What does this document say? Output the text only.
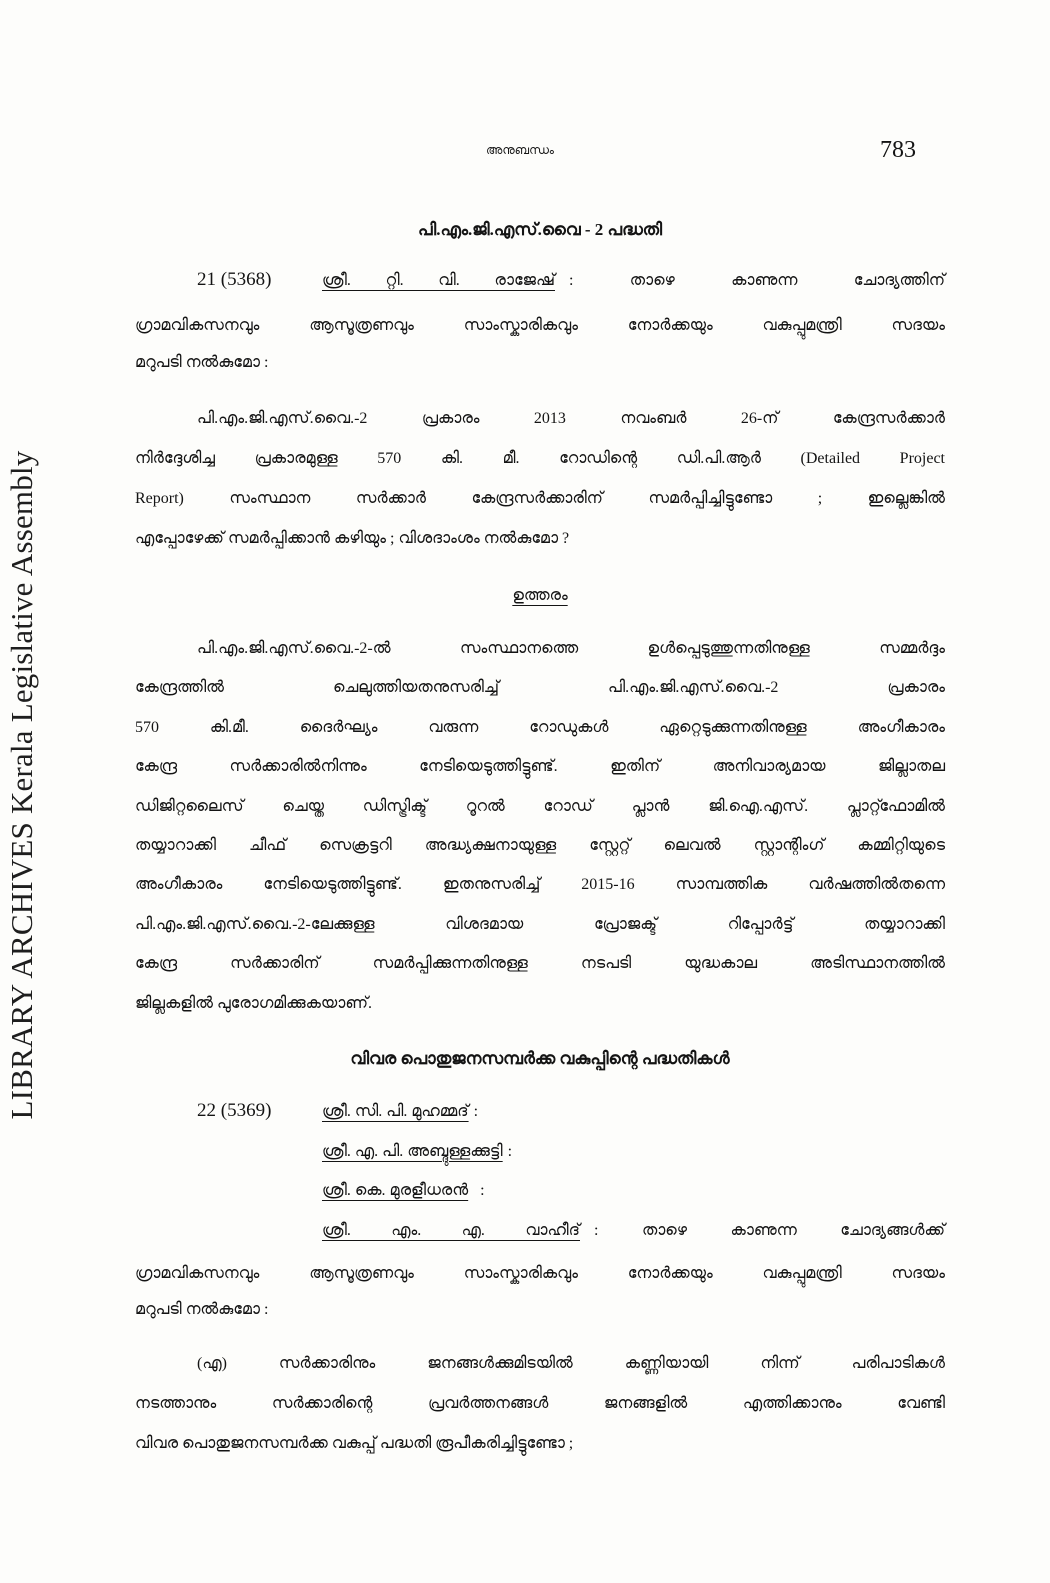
LIBRARY ARCHIVES Kerala Legislative Assembly
അനുബന്ധം	783
പി.എം.ജി.എസ്.വൈ - 2 പദ്ധതി
21 (5368)	ശ്രീ. റ്റി. വി. രാജേഷ് : താഴെ കാണുന്ന ചോദ്യത്തിന്
ഗ്രാമവികസനവും ആസൂത്രണവും സാംസ്കാരികവും നോർക്കയും വകുപ്പുമന്ത്രി സദയം
മറുപടി നൽകുമോ :
പി.എം.ജി.എസ്.വൈ.-2 പ്രകാരം 2013 നവംബർ 26-ന് കേന്ദ്രസർക്കാർ
നിർദ്ദേശിച്ച പ്രകാരമുള്ള 570 കി. മീ. റോഡിന്റെ ഡി.പി.ആർ (Detailed Project
Report) സംസ്ഥാന സർക്കാർ കേന്ദ്രസർക്കാരിന് സമർപ്പിച്ചിട്ടുണ്ടോ ; ഇല്ലെങ്കിൽ
എപ്പോഴേക്ക് സമർപ്പിക്കാൻ കഴിയും ; വിശദാംശം നൽകുമോ ?
ഉത്തരം
പി.എം.ജി.എസ്.വൈ.-2-ൽ സംസ്ഥാനത്തെ ഉൾപ്പെടുത്തുന്നതിനുള്ള സമ്മർദ്ദം
കേന്ദ്രത്തിൽ ചെലുത്തിയതനുസരിച്ച് പി.എം.ജി.എസ്.വൈ.-2 പ്രകാരം
570 കി.മീ. ദൈർഘ്യം വരുന്ന റോഡുകൾ ഏറ്റെടുക്കുന്നതിനുള്ള അംഗീകാരം
കേന്ദ്ര സർക്കാരിൽനിന്നും നേടിയെടുത്തിട്ടുണ്ട്. ഇതിന് അനിവാര്യമായ ജില്ലാതല
ഡിജിറ്റലൈസ് ചെയ്ത ഡിസ്ട്രിക്ട് റൂറൽ റോഡ് പ്ലാൻ ജി.ഐ.എസ്. പ്ലാറ്റ്ഫോമിൽ
തയ്യാറാക്കി ചീഫ് സെക്രട്ടറി അദ്ധ്യക്ഷനായുള്ള സ്റ്റേറ്റ് ലെവൽ സ്റ്റാന്റിംഗ് കമ്മിറ്റിയുടെ
അംഗീകാരം നേടിയെടുത്തിട്ടുണ്ട്. ഇതനുസരിച്ച് 2015-16 സാമ്പത്തിക വർഷത്തിൽതന്നെ
പി.എം.ജി.എസ്.വൈ.-2-ലേക്കുള്ള വിശദമായ പ്രോജക്ട് റിപ്പോർട്ട് തയ്യാറാക്കി
കേന്ദ്ര സർക്കാരിന് സമർപ്പിക്കുന്നതിനുള്ള നടപടി യുദ്ധകാല അടിസ്ഥാനത്തിൽ
ജില്ലകളിൽ പുരോഗമിക്കുകയാണ്.
വിവര പൊതുജനസമ്പർക്ക വകുപ്പിന്റെ പദ്ധതികൾ
22 (5369)	ശ്രീ. സി. പി. മുഹമ്മദ് :
ശ്രീ. എ. പി. അബ്ദുള്ളക്കുട്ടി :
ശ്രീ. കെ. മുരളീധരൻ :
ശ്രീ. എം. എ. വാഹീദ് : താഴെ കാണുന്ന ചോദ്യങ്ങൾക്ക്
ഗ്രാമവികസനവും ആസൂത്രണവും സാംസ്കാരികവും നോർക്കയും വകുപ്പുമന്ത്രി സദയം
മറുപടി നൽകുമോ :
(എ) സർക്കാരിനും ജനങ്ങൾക്കുമിടയിൽ കണ്ണിയായി നിന്ന് പരിപാടികൾ
നടത്താനും സർക്കാരിന്റെ പ്രവർത്തനങ്ങൾ ജനങ്ങളിൽ എത്തിക്കാനും വേണ്ടി
വിവര പൊതുജനസമ്പർക്ക വകുപ്പ് പദ്ധതി രൂപീകരിച്ചിട്ടുണ്ടോ ;
